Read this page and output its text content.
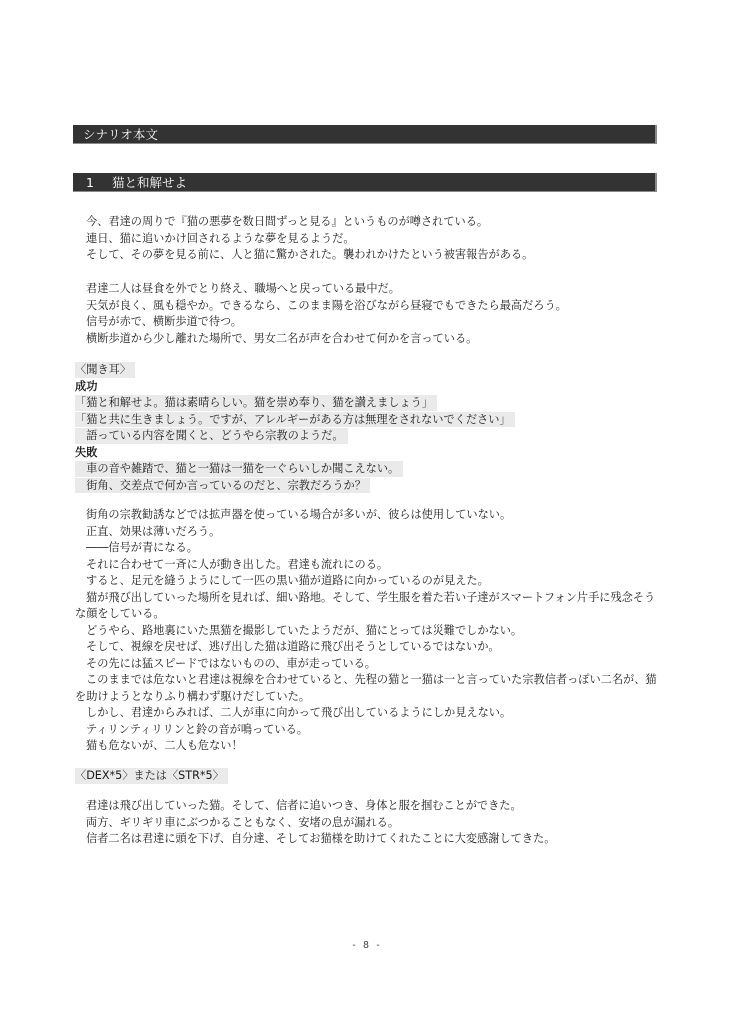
シナリオ本文
1 猫と和解せよ
今、君達の周りで『猫の悪夢を数日間ずっと見る』というものが噂されている。
連日、猫に追いかけ回されるような夢を見るようだ。
そして、その夢を見る前に、人と猫に驚かされた。襲われかけたという被害報告がある。
君達二人は昼食を外でとり終え、職場へと戻っている最中だ。
天気が良く、風も穏やか。できるなら、このまま陽を浴びながら昼寝でもできたら最高だろう。
信号が赤で、横断歩道で待つ。
横断歩道から少し離れた場所で、男女二名が声を合わせて何かを言っている。
〈聞き耳〉
成功
「猫と和解せよ。猫は素晴らしい。猫を崇め奉り、猫を讃えましょう」
「猫と共に生きましょう。ですが、アレルギーがある方は無理をされないでください」
　語っている内容を聞くと、どうやら宗教のようだ。
失敗
　車の音や雑踏で、猫と一猫は一猫を一ぐらいしか聞こえない。
　街角、交差点で何か言っているのだと、宗教だろうか？
街角の宗教勧誘などでは拡声器を使っている場合が多いが、彼らは使用していない。
正直、効果は薄いだろう。
――信号が青になる。
それに合わせて一斉に人が動き出した。君達も流れにのる。
すると、足元を縫うようにして一匹の黒い猫が道路に向かっているのが見えた。
猫が飛び出していった場所を見れば、細い路地。そして、学生服を着た若い子達がスマートフォン片手に残念そうな顔をしている。
どうやら、路地裏にいた黒猫を撮影していたようだが、猫にとっては災難でしかない。
そして、視線を戻せば、逃げ出した猫は道路に飛び出そうとしているではないか。
その先には猛スピードではないものの、車が走っている。
このままでは危ないと君達は視線を合わせていると、先程の猫と一猫は一と言っていた宗教信者っぽい二名が、猫を助けようとなりふり構わず駆けだしていた。
しかし、君達からみれば、二人が車に向かって飛び出しているようにしか見えない。
ティリンティリリンと鈴の音が鳴っている。
猫も危ないが、二人も危ない！
〈DEX*5〉または〈STR*5〉
君達は飛び出していった猫。そして、信者に追いつき、身体と服を掴むことができた。
両方、ギリギリ車にぶつかることもなく、安堵の息が漏れる。
信者二名は君達に頭を下げ、自分達、そしてお猫様を助けてくれたことに大変感謝してきた。
- 8 -
